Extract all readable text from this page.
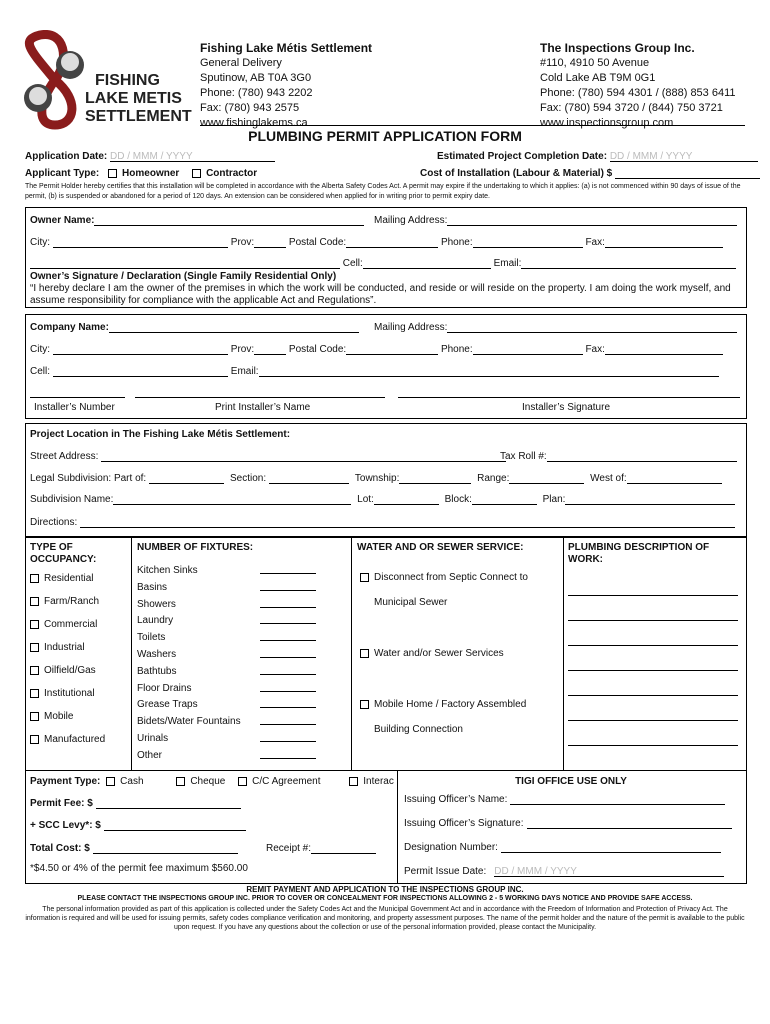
FISHING
LAKE METIS
SETTLEMENT
Fishing Lake Métis Settlement
General Delivery
Sputinow, AB T0A 3G0
Phone: (780) 943 2202
Fax: (780) 943 2575
www.fishinglakems.ca
The Inspections Group Inc.
#110, 4910 50 Avenue
Cold Lake AB T9M 0G1
Phone: (780) 594 4301 / (888) 853 6411
Fax: (780) 594 3720 / (844) 750 3721
www.inspectionsgroup.com
PLUMBING PERMIT APPLICATION FORM
Application Date: DD / MMM / YYYY	Estimated Project Completion Date: DD / MMM / YYYY
Applicant Type: Homeowner	Contractor	Cost of Installation (Labour & Material) $
The Permit Holder hereby certifies that this installation will be completed in accordance with the Alberta Safety Codes Act. A permit may expire if the undertaking to which it applies: (a) is not commenced within 90 days of issue of the permit, (b) is suspended or abandoned for a period of 120 days. An extension can be considered when applied for in writing prior to permit expiry date.
Owner Name:	Mailing Address:
City:	Prov:	Postal Code:	Phone:	Fax:
Cell:	Email:
Owner’s Signature / Declaration (Single Family Residential Only)
“I hereby declare I am the owner of the premises in which the work will be conducted, and reside or will reside on the property. I am doing the work myself, and assume responsibility for compliance with the applicable Act and Regulations”.
Company Name:	Mailing Address:
City:	Prov:	Postal Code:	Phone:	Fax:
Cell:	Email:
Installer’s Number	Print Installer’s Name	Installer’s Signature
Project Location in The Fishing Lake Métis Settlement:
Street Address:	Tax Roll #:
Legal Subdivision: Part of:	Section:	Township:	Range:	West of:
Subdivision Name:	Lot:	Block:	Plan:
Directions:
TYPE OF OCCUPANCY:
Residential
Farm/Ranch
Commercial
Industrial
Oilfield/Gas
Institutional
Mobile
Manufactured
NUMBER OF FIXTURES:
Kitchen Sinks
Basins
Showers
Laundry
Toilets
Washers
Bathtubs
Floor Drains
Grease Traps
Bidets/Water Fountains
Urinals
Other
WATER AND OR SEWER SERVICE:
Disconnect from Septic Connect to
Municipal Sewer
Water and/or Sewer Services
Mobile Home / Factory Assembled
Building Connection
PLUMBING DESCRIPTION OF WORK:
Payment Type: Cash	Cheque	C/C Agreement	Interac
Permit Fee: $
+ SCC Levy*: $
Total Cost: $	Receipt #:
*$4.50 or 4% of the permit fee maximum $560.00
TIGI OFFICE USE ONLY
Issuing Officer’s Name:
Issuing Officer’s Signature:
Designation Number:
Permit Issue Date: DD / MMM / YYYY
REMIT PAYMENT AND APPLICATION TO THE INSPECTIONS GROUP INC.
PLEASE CONTACT THE INSPECTIONS GROUP INC. PRIOR TO COVER OR CONCEALMENT FOR INSPECTIONS ALLOWING 2 - 5 WORKING DAYS NOTICE AND PROVIDE SAFE ACCESS.
The personal information provided as part of this application is collected under the Safety Codes Act and the Municipal Government Act and in accordance with the Freedom of Information and Protection of Privacy Act. The information is required and will be used for issuing permits, safety codes compliance verification and monitoring, and property assessment purposes. The name of the permit holder and the nature of the permit is available to the public upon request. If you have any questions about the collection or use of the personal information provided, please contact the Municipality.
